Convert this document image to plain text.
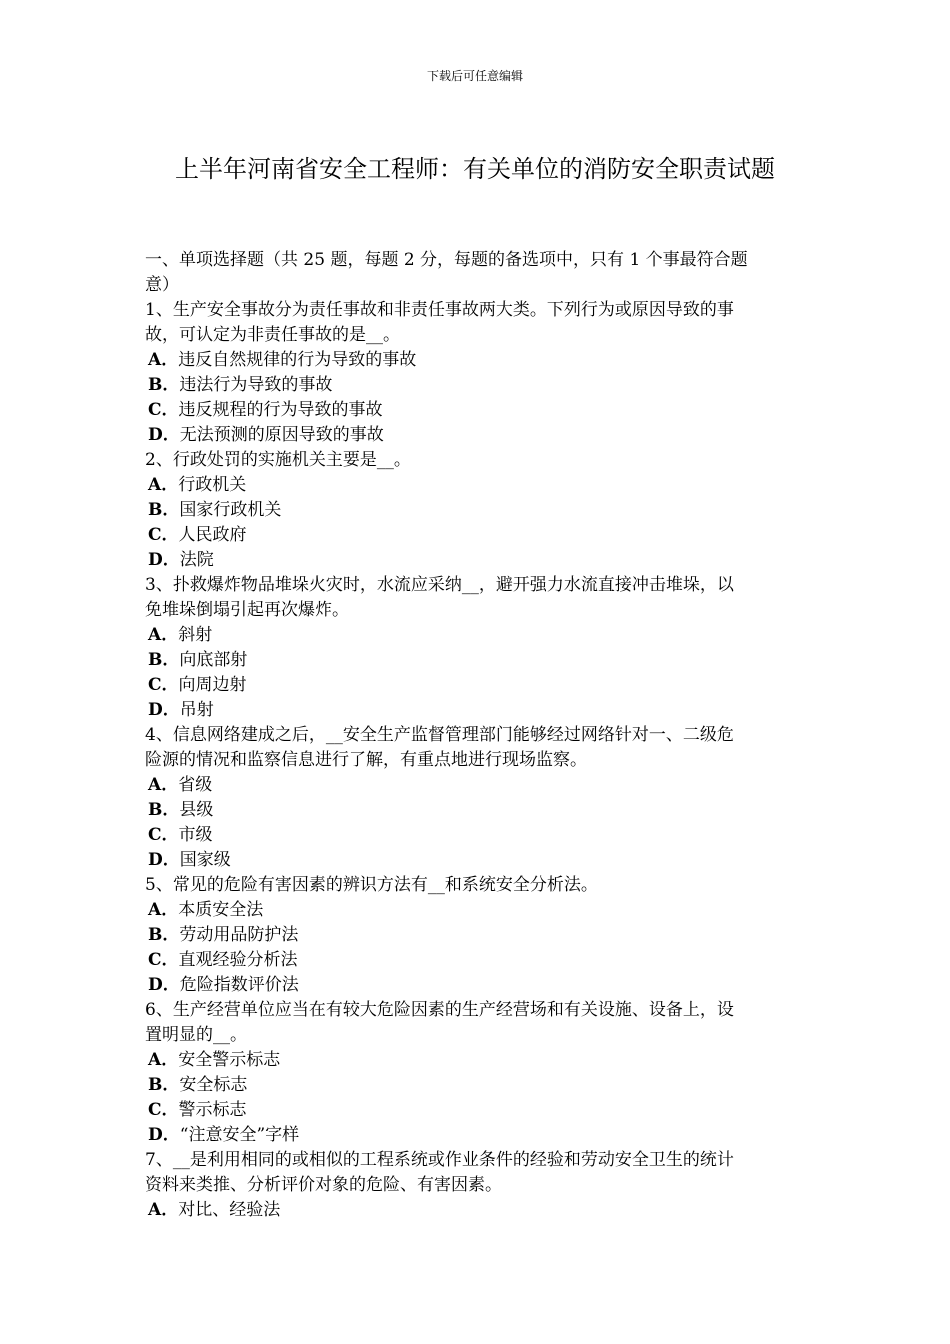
下载后可任意编辑
上半年河南省安全工程师：有关单位的消防安全职责试题
一、单项选择题（共 25 题，每题 2 分，每题的备选项中，只有 1 个事最符合题
意）
1、生产安全事故分为责任事故和非责任事故两大类。下列行为或原因导致的事
故，可认定为非责任事故的是__。
A．违反自然规律的行为导致的事故
B．违法行为导致的事故
C．违反规程的行为导致的事故
D．无法预测的原因导致的事故
2、行政处罚的实施机关主要是__。
A．行政机关
B．国家行政机关
C．人民政府
D．法院
3、扑救爆炸物品堆垛火灾时，水流应采纳__，避开强力水流直接冲击堆垛，以
免堆垛倒塌引起再次爆炸。
A．斜射
B．向底部射
C．向周边射
D．吊射
4、信息网络建成之后，__安全生产监督管理部门能够经过网络针对一、二级危
险源的情况和监察信息进行了解，有重点地进行现场监察。
A．省级
B．县级
C．市级
D．国家级
5、常见的危险有害因素的辨识方法有__和系统安全分析法。
A．本质安全法
B．劳动用品防护法
C．直观经验分析法
D．危险指数评价法
6、生产经营单位应当在有较大危险因素的生产经营场和有关设施、设备上，设
置明显的__。
A．安全警示标志
B．安全标志
C．警示标志
D．“注意安全”字样
7、__是利用相同的或相似的工程系统或作业条件的经验和劳动安全卫生的统计
资料来类推、分析评价对象的危险、有害因素。
A．对比、经验法
